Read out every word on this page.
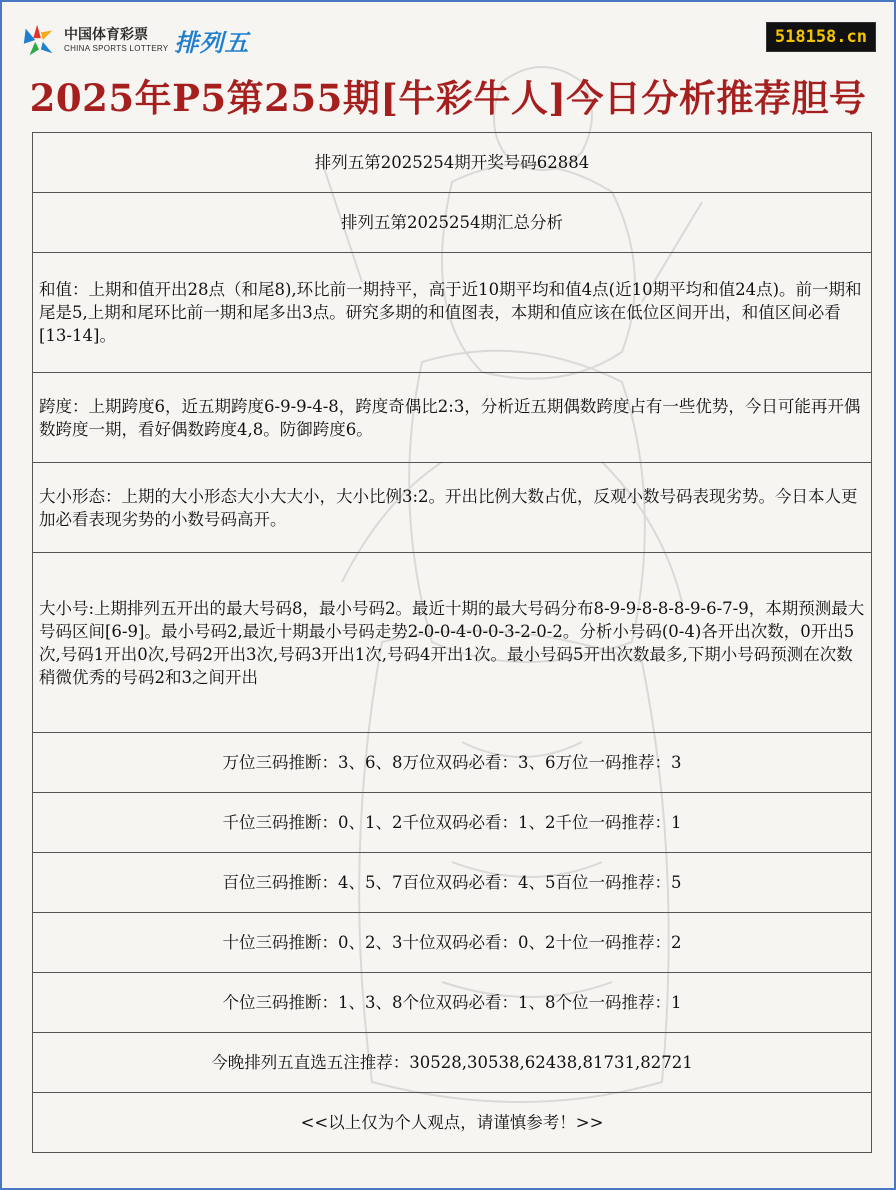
中国体育彩票
CHINA SPORTS LOTTERY 排列五	518158.cn
2025年P5第255期[牛彩牛人]今日分析推荐胆号
排列五第2025254期开奖号码62884
排列五第2025254期汇总分析
和值：上期和值开出28点（和尾8),环比前一期持平，高于近10期平均和值4点(近10期平均和值24点)。前一期和尾是5,上期和尾环比前一期和尾多出3点。研究多期的和值图表，本期和值应该在低位区间开出，和值区间必看[13-14]。
跨度：上期跨度6，近五期跨度6-9-9-4-8，跨度奇偶比2:3，分析近五期偶数跨度占有一些优势，今日可能再开偶数跨度一期，看好偶数跨度4,8。防御跨度6。
大小形态：上期的大小形态大小大大小，大小比例3:2。开出比例大数占优，反观小数号码表现劣势。今日本人更加必看表现劣势的小数号码高开。
大小号:上期排列五开出的最大号码8，最小号码2。最近十期的最大号码分布8-9-9-8-8-8-9-6-7-9，本期预测最大号码区间[6-9]。最小号码2,最近十期最小号码走势2-0-0-4-0-0-3-2-0-2。分析小号码(0-4)各开出次数，0开出5次,号码1开出0次,号码2开出3次,号码3开出1次,号码4开出1次。最小号码5开出次数最多,下期小号码预测在次数稍微优秀的号码2和3之间开出
万位三码推断：3、6、8万位双码必看：3、6万位一码推荐：3
千位三码推断：0、1、2千位双码必看：1、2千位一码推荐：1
百位三码推断：4、5、7百位双码必看：4、5百位一码推荐：5
十位三码推断：0、2、3十位双码必看：0、2十位一码推荐：2
个位三码推断：1、3、8个位双码必看：1、8个位一码推荐：1
今晚排列五直选五注推荐：30528,30538,62438,81731,82721
<<以上仅为个人观点，请谨慎参考！>>
